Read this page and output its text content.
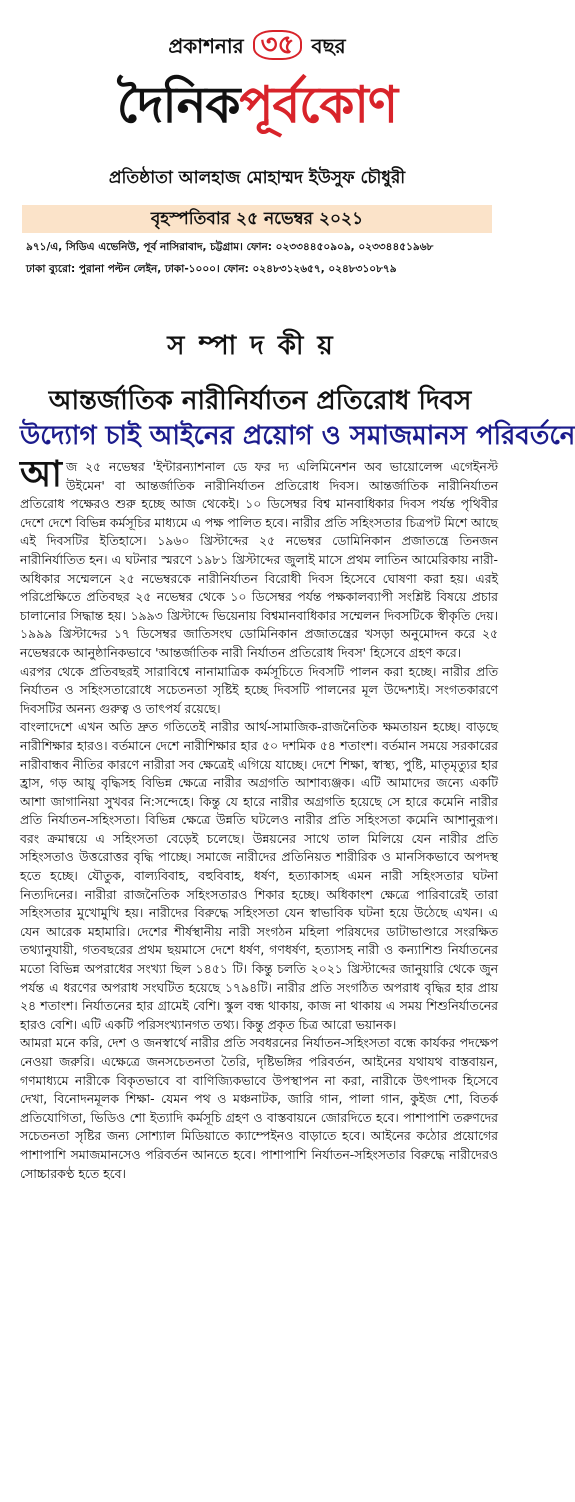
প্রকাশনার ৩৫ বছর
দৈনিকপূর্বকোণ
প্রতিষ্ঠাতা আলহাজ মোহাম্মদ ইউসুফ চৌধুরী
বৃহস্পতিবার ২৫ নভেম্বর ২০২১
৯৭১/এ, সিডিএ এভেনিউ, পূর্ব নাসিরাবাদ, চট্টগ্রাম। ফোন: ০২৩৩৪৪৫০৯০৯, ০২৩৩৪৪৫১৯৬৮
ঢাকা ব্যুরো: পুরানা পল্টন লেইন, ঢাকা-১০০০। ফোন: ০২৪৮৩১২৬৫৭, ০২৪৮৩১০৮৭৯
সম্পাদকীয়
আন্তর্জাতিক নারীনির্যাতন প্রতিরোধ দিবস
উদ্যোগ চাই আইনের প্রয়োগ ও সমাজমানস পরিবর্তনে

আজ ২৫ নভেম্বর 'ইন্টারন্যাশনাল ডে ফর দ্য এলিমিনেশন অব ভায়োলেন্স এগেইনস্ট উইমেন' বা আন্তর্জাতিক নারীনির্যাতন প্রতিরোধ দিবস। আন্তর্জাতিক নারীনির্যাতন প্রতিরোধ পক্ষেরও শুরু হচ্ছে আজ থেকেই। ১০ ডিসেম্বর বিশ্ব মানবাধিকার দিবস পর্যন্ত পৃথিবীর দেশে দেশে বিভিন্ন কর্মসূচির মাধ্যমে এ পক্ষ পালিত হবে। নারীর প্রতি সহিংসতার চিত্রপট মিশে আছে এই দিবসটির ইতিহাসে। ১৯৬০ খ্রিস্টাব্দের ২৫ নভেম্বর ডোমিনিকান প্রজাতন্ত্রে তিনজন নারীনির্যাতিত হন। এ ঘটনার স্মরণে ১৯৮১ খ্রিস্টাব্দের জুলাই মাসে প্রথম লাতিন আমেরিকায় নারী-অধিকার সম্মেলনে ২৫ নভেম্বরকে নারীনির্যাতন বিরোধী দিবস হিসেবে ঘোষণা করা হয়। এরই পরিপ্রেক্ষিতে প্রতিবছর ২৫ নভেম্বর থেকে ১০ ডিসেম্বর পর্যন্ত পক্ষকালব্যাপী সংশ্লিষ্ট বিষয়ে প্রচার চালানোর সিদ্ধান্ত হয়। ১৯৯৩ খ্রিস্টাব্দে ভিয়েনায় বিশ্বমানবাধিকার সম্মেলন দিবসটিকে স্বীকৃতি দেয়। ১৯৯৯ খ্রিস্টাব্দের ১৭ ডিসেম্বর জাতিসংঘ ডোমিনিকান প্রজাতন্ত্রের খসড়া অনুমোদন করে ২৫ নভেম্বরকে আনুষ্ঠানিকভাবে 'আন্তর্জাতিক নারী নির্যাতন প্রতিরোধ দিবস' হিসেবে গ্রহণ করে।

এরপর থেকে প্রতিবছরই সারাবিশ্বে নানামাত্রিক কর্মসূচিতে দিবসটি পালন করা হচ্ছে। নারীর প্রতি নির্যাতন ও সহিংসতারোধে সচেতনতা সৃষ্টিই হচ্ছে দিবসটি পালনের মূল উদ্দেশ্যই। সংগতকারণে দিবসটির অনন্য গুরুত্ব ও তাৎপর্য রয়েছে।

বাংলাদেশে এখন অতি দ্রুত গতিতেই নারীর আর্থ-সামাজিক-রাজনৈতিক ক্ষমতায়ন হচ্ছে। বাড়ছে নারীশিক্ষার হারও। বর্তমানে দেশে নারীশিক্ষার হার ৫০ দশমিক ৫৪ শতাংশ। বর্তমান সময়ে সরকারের নারীবান্ধব নীতির কারণে নারীরা সব ক্ষেত্রেই এগিয়ে যাচ্ছে। দেশে শিক্ষা, স্বাস্থ্য, পুষ্টি, মাতৃমৃত্যুর হার হ্রাস, গড় আয়ু বৃদ্ধিসহ বিভিন্ন ক্ষেত্রে নারীর অগ্রগতি আশাব্যঞ্জক। এটি আমাদের জন্যে একটি আশা জাগানিয়া সুখবর নি:সন্দেহে। কিন্তু যে হারে নারীর অগ্রগতি হয়েছে সে হারে কমেনি নারীর প্রতি নির্যাতন-সহিংসতা। বিভিন্ন ক্ষেত্রে উন্নতি ঘটলেও নারীর প্রতি সহিংসতা কমেনি আশানুরূপ। বরং ক্রমান্বয়ে এ সহিংসতা বেড়েই চলেছে। উন্নয়নের সাথে তাল মিলিয়ে যেন নারীর প্রতি সহিংসতাও উত্তরোত্তর বৃদ্ধি পাচ্ছে। সমাজে নারীদের প্রতিনিয়ত শারীরিক ও মানসিকভাবে অপদস্থ হতে হচ্ছে। যৌতুক, বাল্যবিবাহ, বহুবিবাহ, ধর্ষণ, হত্যাকাসহ এমন নারী সহিংসতার ঘটনা নিত্যদিনের। নারীরা রাজনৈতিক সহিংসতারও শিকার হচ্ছে। অধিকাংশ ক্ষেত্রে পারিবারেই তারা সহিংসতার মুখোমুখি হয়। নারীদের বিরুদ্ধে সহিংসতা যেন স্বাভাবিক ঘটনা হয়ে উঠেছে এখন। এ যেন আরেক মহামারি। দেশের শীর্ষস্থানীয় নারী সংগঠন মহিলা পরিষদের ডাটাভাণ্ডারে সংরক্ষিত তথ্যানুযায়ী, গতবছরের প্রথম ছয়মাসে দেশে ধর্ষণ, গণধর্ষণ, হত্যাসহ নারী ও কন্যাশিশু নির্যাতনের মতো বিভিন্ন অপরাধের সংখ্যা ছিল ১৪৫১ টি। কিন্তু চলতি ২০২১ খ্রিস্টাব্দের জানুয়ারি থেকে জুন পর্যন্ত এ ধরণের অপরাধ সংঘটিত হয়েছে ১৭৯৪টি। নারীর প্রতি সংগঠিত অপরাধ বৃদ্ধির হার প্রায় ২৪ শতাংশ। নির্যাতনের হার গ্রামেই বেশি। স্কুল বন্ধ থাকায়, কাজ না থাকায় এ সময় শিশুনির্যাতনের হারও বেশি। এটি একটি পরিসংখ্যানগত তথ্য। কিন্তু প্রকৃত চিত্র আরো ভয়ানক।

আমরা মনে করি, দেশ ও জনস্বার্থে নারীর প্রতি সবধরনের নির্যাতন-সহিংসতা বন্ধে কার্যকর পদক্ষেপ নেওয়া জরুরি। এক্ষেত্রে জনসচেতনতা তৈরি, দৃষ্টিভঙ্গির পরিবর্তন, আইনের যথাযথ বাস্তবায়ন, গণমাধ্যমে নারীকে বিকৃতভাবে বা বাণিজ্যিকভাবে উপস্থাপন না করা, নারীকে উৎপাদক হিসেবে দেখা, বিনোদনমূলক শিক্ষা- যেমন পথ ও মঞ্চনাটক, জারি গান, পালা গান, কুইজ শো, বিতর্ক প্রতিযোগিতা, ভিডিও শো ইত্যাদি কর্মসূচি গ্রহণ ও বাস্তবায়নে জোরদিতে হবে। পাশাপাশি তরুণদের সচেতনতা সৃষ্টির জন্য সোশ্যাল মিডিয়াতে ক্যাম্পেইনও বাড়াতে হবে। আইনের কঠোর প্রয়োগের পাশাপাশি সমাজমানসেও পরিবর্তন আনতে হবে। পাশাপাশি নির্যাতন-সহিংসতার বিরুদ্ধে নারীদেরও সোচ্চারকণ্ঠ হতে হবে।
